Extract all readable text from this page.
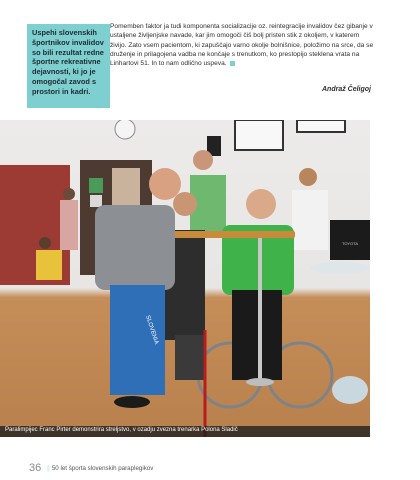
Uspehi slovenskih športnikov invalidov so bili rezultat redne športne rekreativne dejavnosti, ki jo je omogočal zavod s prostori in kadri.

Pomemben faktor ja tudi komponenta socializacije oz. reintegracije invalidov čez gibanje v ustaljene življenjske navade, kar jim omogoči čiš bolj pristen stik z okoljem, v katerem živijo. Zato vsem pacientom, ki zapuščajo varno okolje bolnišnice, položimo na srce, da se druženje in prilagojena vadba ne končaje s trenutkom, ko prestopijo steklena vrata na Linhartovi 51. In to nam odlično uspeva.

Andraž Čeligoj
TOYOTA
SLOVENIA
Paralimpijec Franc Pirter demonstrira streljstvo, v ozadju zvezna trenarka Polona Sladič
36 | 50 let športa slovenskih paraplegikov
